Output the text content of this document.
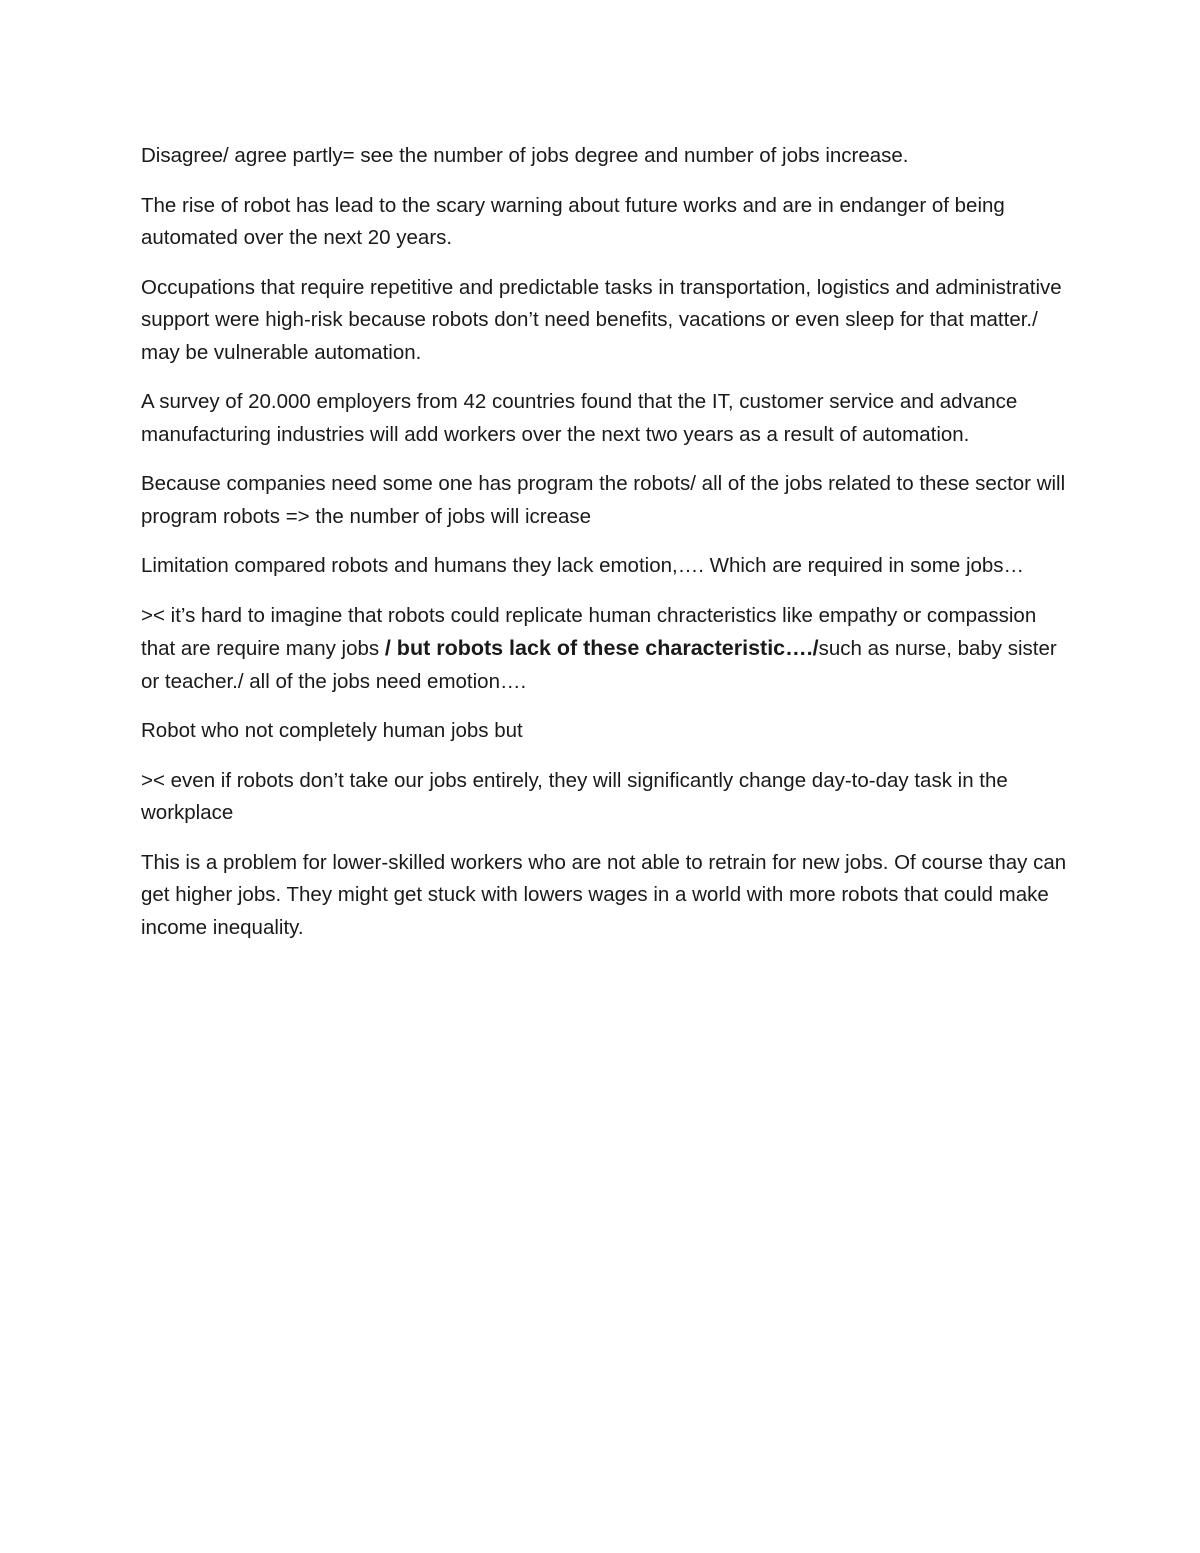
Disagree/ agree partly= see the number of jobs degree and number of jobs increase.

The rise of robot has lead to the scary warning about future works and are in endanger of being automated over the next 20 years.

Occupations that require repetitive and predictable tasks in transportation, logistics and administrative support were high-risk because robots don’t need benefits, vacations or even sleep for that matter./ may be vulnerable automation.

A survey of 20.000 employers from 42 countries found that the IT, customer service and advance manufacturing industries will add workers over the next two years as a result of automation.

Because companies need some one has program the robots/ all of the jobs related to these sector will program robots => the number of jobs will icrease

Limitation compared robots and humans they lack emotion,…. Which are required in some jobs…

>< it’s hard to imagine that robots could replicate human chracteristics like empathy or compassion that are require many jobs / but robots lack of these characteristic…./such as nurse, baby sister or teacher./ all of the jobs need emotion….

Robot who not completely human jobs but

>< even if robots don’t take our jobs entirely, they will significantly change day-to-day task in the workplace

This is a problem for lower-skilled workers who are not able to retrain for new jobs. Of course thay can get higher jobs. They might get stuck with lowers wages in a world with more robots that could make income inequality.
